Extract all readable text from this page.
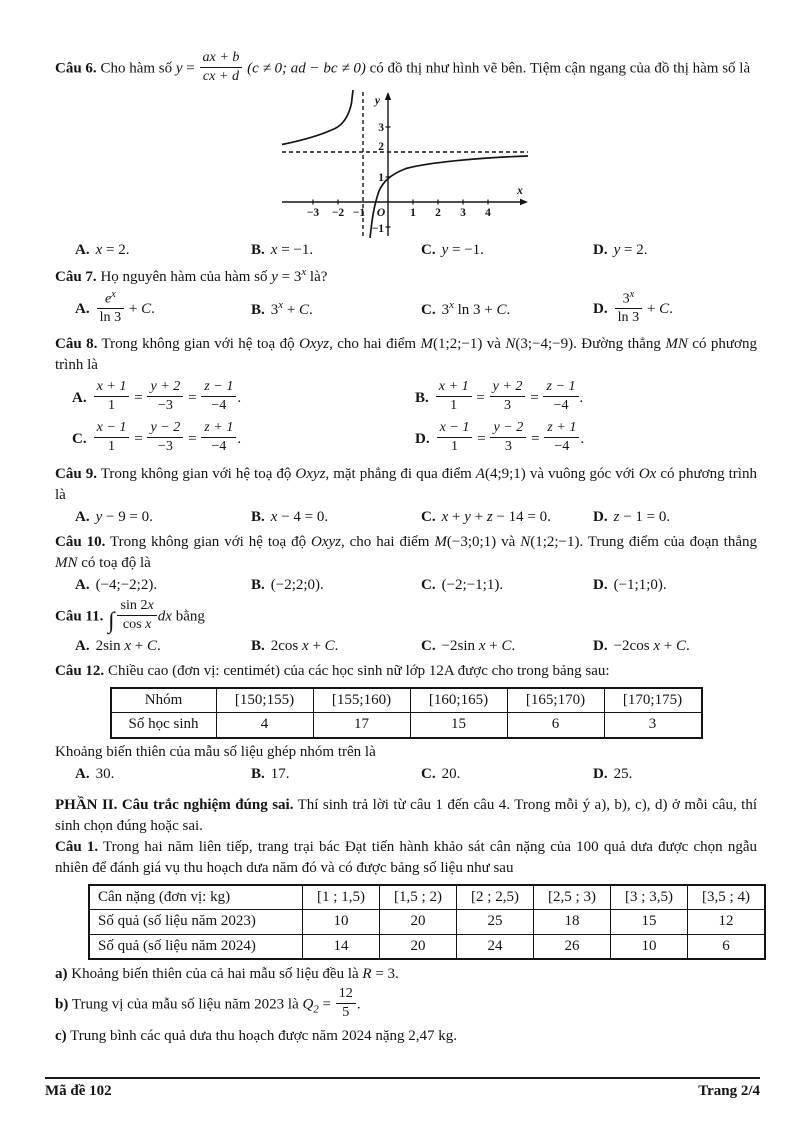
Câu 6. Cho hàm số $y = \frac{ax + b}{cx + d} (c \ne 0$; ad − bc ≠ 0) có đồ thị như hình vẽ bên. Tiệm cận ngang của đồ thị hàm số là

y
x
O
−3 −2 −1	1 2 3 4
3
2
1
−1
A. x = 2.	B. x = −1.	C. y = −1.	D. y = 2.

Câu 7. Họ nguyên hàm của hàm số $y = 3^x$ là?

A. $\frac{e^x}{\ln 3} + C$.	B. $3^x + C$.	C. 3$^x$ ln 3 + C.	D. $\frac{3^x}{\ln 3} + C$.

Câu 8. Trong không gian với hệ toạ độ Oxyz, cho hai điểm M(1;2;−1) và N(3;−4;−9). Đường thẳng MN có phương trình là

A. $\frac{x + 1}{1} = \frac{y + 2}{-3} = \frac{z - 1}{-4}$ .	B. $\frac{x + 1}{1} = \frac{y + 2}{3} = \frac{z - 1}{-4}$ .
C. $\frac{x - 1}{1} = \frac{y - 2}{-3} = \frac{z + 1}{-4}$ .	D. $\frac{x - 1}{1} = \frac{y - 2}{3} = \frac{z + 1}{-4}$ .

Câu 9. Trong không gian với hệ toạ độ Oxyz, mặt phẳng đi qua điểm A(4;9;1) và vuông góc với Ox có phương trình là

A. y − 9 = 0.	B. x − 4 = 0.	C. x + y + z − 14 = 0.	D. z − 1 = 0.

Câu 10. Trong không gian với hệ toạ độ Oxyz, cho hai điểm M(−3;0;1) và N(1;2;−1). Trung điểm của đoạn thẳng MN có toạ độ là

A. (−4;−2;2).	B. (−2;2;0).	C. (−2;−1;1).	D. (−1;1;0).

Câu 11. ∫ $\frac{\sin 2x}{\text{cos x}}$ dx bằng

A. 2sin x + C.	B. 2cos x + C.	C. −2sin x + C.	D. −2cos x + C.

Câu 12. Chiều cao (đơn vị: centimét) của các học sinh nữ lớp 12A được cho trong bảng sau:

Nhóm	[150;155)	[155;160)	[160;165)	[165;170)	[170;175)
Số học sinh	4	17	15	6	3

Khoảng biến thiên của mẫu số liệu ghép nhóm trên là

A. 30.	B. 17.	C. 20.	D. 25.

PHẦN II. Câu trắc nghiệm đúng sai. Thí sinh trả lời từ câu 1 đến câu 4. Trong mỗi ý a), b), c), d) ở mỗi câu, thí sinh chọn đúng hoặc sai.

Câu 1. Trong hai năm liên tiếp, trang trại bác Đạt tiến hành khảo sát cân nặng của 100 quả dưa được chọn ngẫu nhiên để đánh giá vụ thu hoạch dưa năm đó và có được bảng số liệu như sau

Cân nặng (đơn vị: kg)	[1 ; 1,5)	[1,5 ; 2)	[2 ; 2,5)	[2,5 ; 3)	[3 ; 3,5)	[3,5 ; 4)
Số quả (số liệu năm 2023)	10	20	25	18	15	12
Số quả (số liệu năm 2024)	14	20	24	26	10	6

a) Khoảng biến thiên của cả hai mẫu số liệu đều là R = 3.

b) Trung vị của mẫu số liệu năm 2023 là $Q_2 = \frac{12}{5}$ .

c) Trung bình các quả dưa thu hoạch được năm 2024 nặng 2,47 kg.

Mã đề 102	Trang 2/4
